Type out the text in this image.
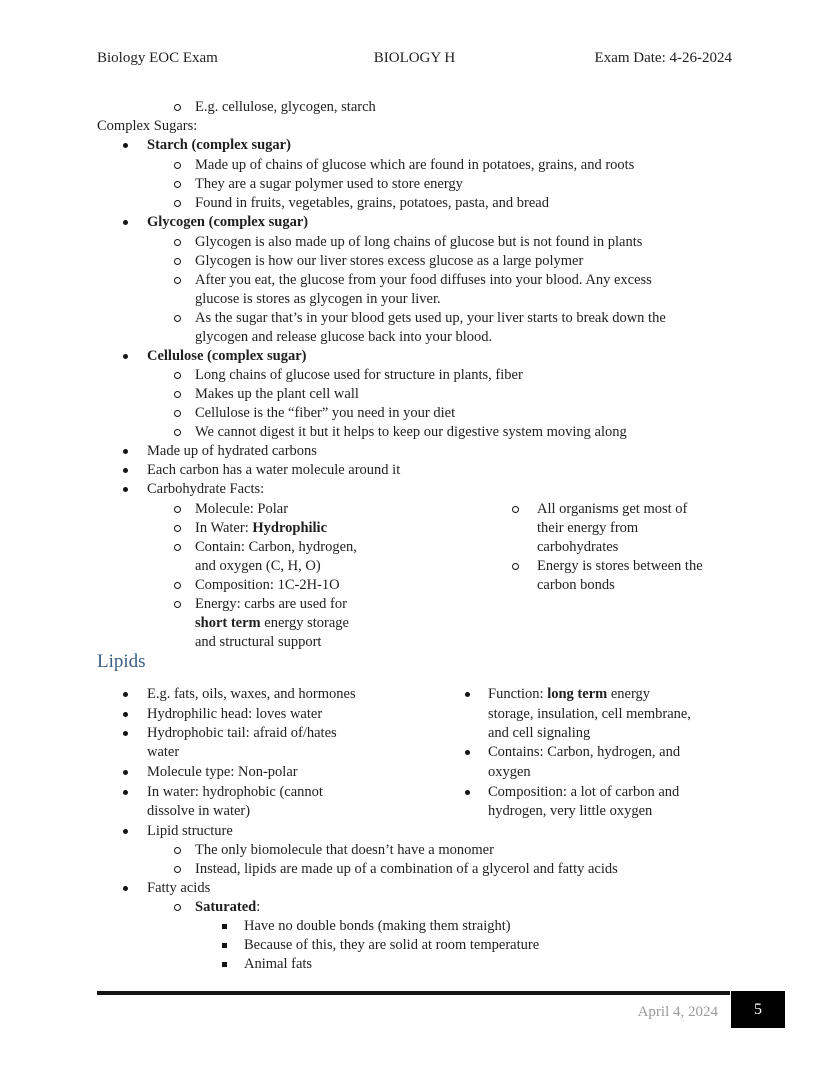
Biology EOC Exam	BIOLOGY H	Exam Date: 4-26-2024
E.g. cellulose, glycogen, starch
Complex Sugars:
Starch (complex sugar)
Made up of chains of glucose which are found in potatoes, grains, and roots
They are a sugar polymer used to store energy
Found in fruits, vegetables, grains, potatoes, pasta, and bread
Glycogen (complex sugar)
Glycogen is also made up of long chains of glucose but is not found in plants
Glycogen is how our liver stores excess glucose as a large polymer
After you eat, the glucose from your food diffuses into your blood. Any excess
glucose is stores as glycogen in your liver.
As the sugar that’s in your blood gets used up, your liver starts to break down the
glycogen and release glucose back into your blood.
Cellulose (complex sugar)
Long chains of glucose used for structure in plants, fiber
Makes up the plant cell wall
Cellulose is the “fiber” you need in your diet
We cannot digest it but it helps to keep our digestive system moving along
Made up of hydrated carbons
Each carbon has a water molecule around it
Carbohydrate Facts:
Molecule: Polar
In Water: Hydrophilic
Contain: Carbon, hydrogen,
and oxygen (C, H, O)
Composition: 1C-2H-1O
Energy: carbs are used for
short term energy storage
and structural support
All organisms get most of
their energy from
carbohydrates
Energy is stores between the
carbon bonds
E.g. fats, oils, waxes, and hormones
Hydrophilic head: loves water
Hydrophobic tail: afraid of/hates
water
Molecule type: Non-polar
In water: hydrophobic (cannot
dissolve in water)
Function: long term energy
storage, insulation, cell membrane,
and cell signaling
Contains: Carbon, hydrogen, and
oxygen
Composition: a lot of carbon and
hydrogen, very little oxygen
Lipid structure
The only biomolecule that doesn’t have a monomer
Instead, lipids are made up of a combination of a glycerol and fatty acids
Fatty acids
Saturated:
Have no double bonds (making them straight)
Because of this, they are solid at room temperature
Animal fats
Lipids
April 4, 2024	5
